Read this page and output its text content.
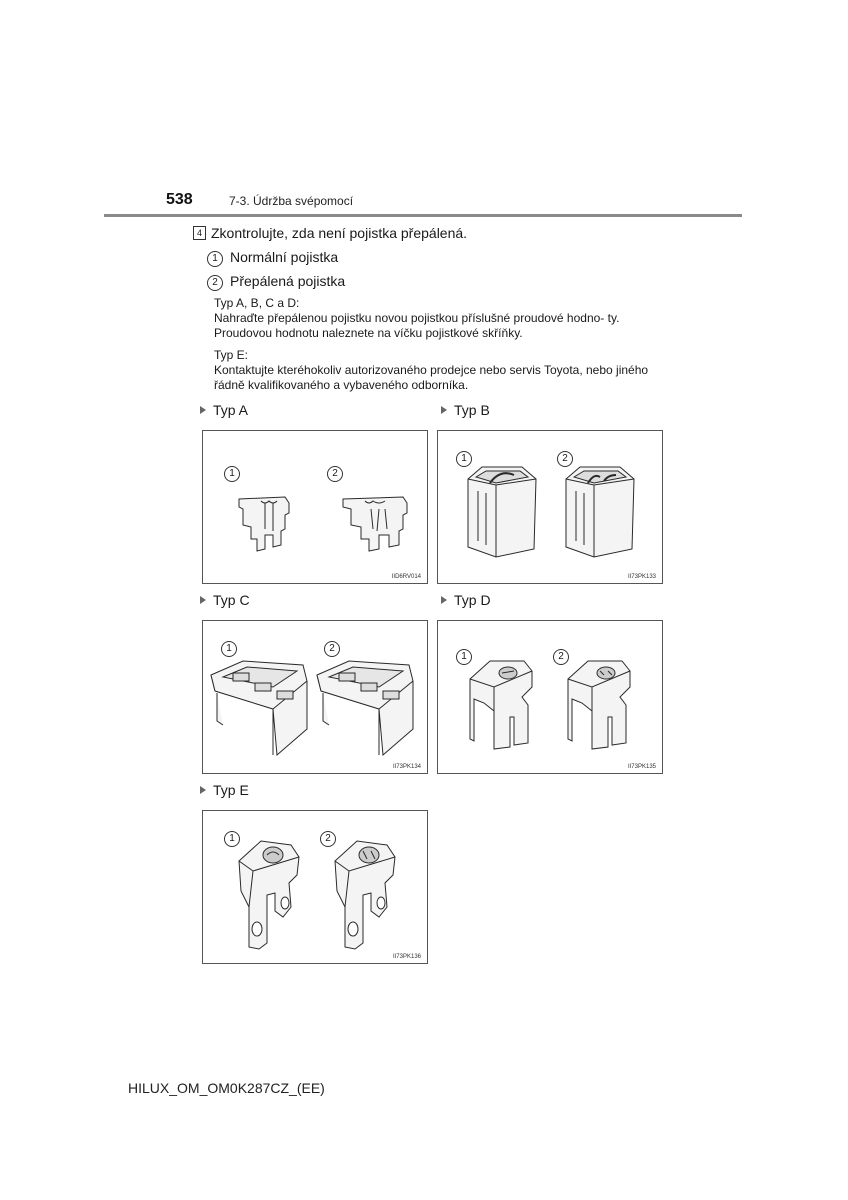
538	7-3. Údržba svépomocí
4 Zkontrolujte, zda není pojistka přepálená.
1 Normální pojistka
2 Přepálená pojistka
Typ A, B, C a D:
Nahraďte přepálenou pojistku novou pojistkou příslušné proudové hodno- ty. Proudovou hodnotu naleznete na víčku pojistkové skříňky.
Typ E:
Kontaktujte kteréhokoliv autorizovaného prodejce nebo servis Toyota, nebo jiného řádně kvalifikovaného a vybaveného odborníka.
Typ A
1	2
IID6RV014
Typ B
1	2
II73PK133
Typ C
1	2
II73PK134
Typ D
1	2
II73PK135
Typ E
1	2
II73PK136
HILUX_OM_OM0K287CZ_(EE)
